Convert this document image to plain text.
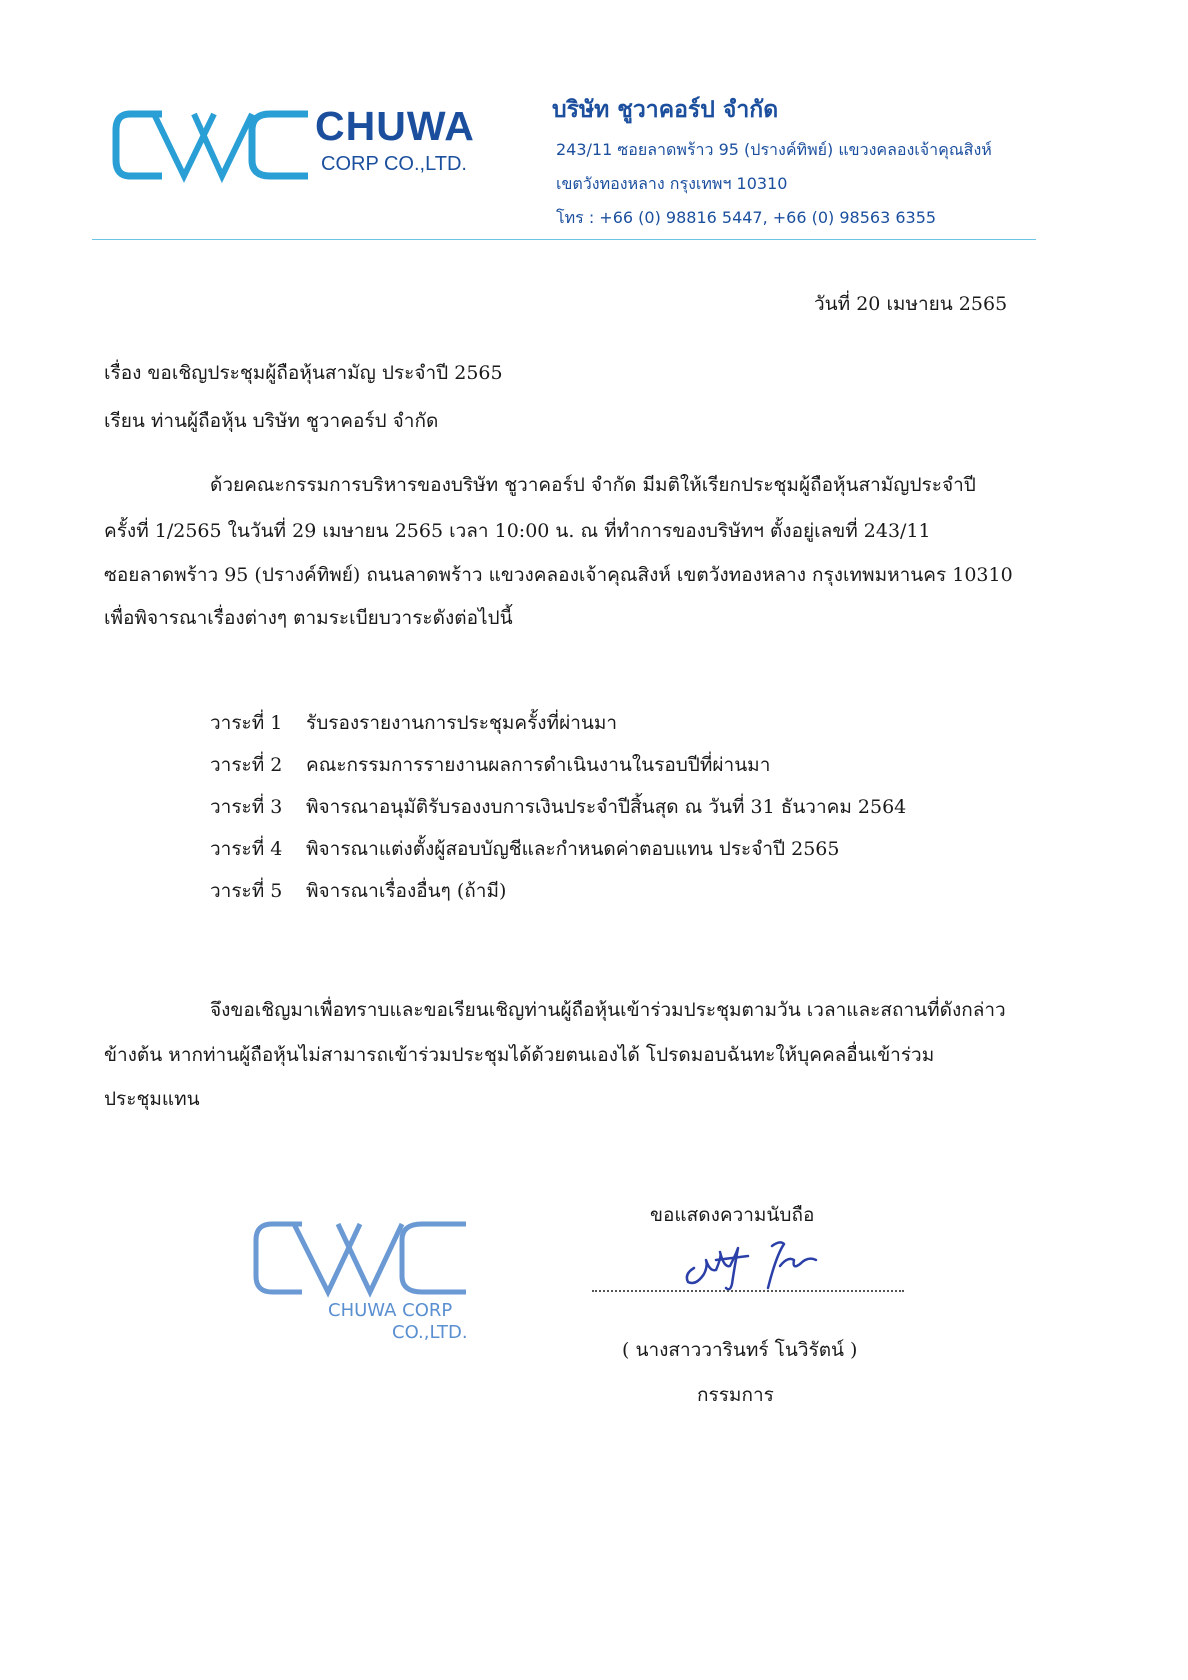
CHUWA
CORP CO.,LTD.
บริษัท ชูวาคอร์ป จำกัด
243/11 ซอยลาดพร้าว 95 (ปรางค์ทิพย์) แขวงคลองเจ้าคุณสิงห์
เขตวังทองหลาง กรุงเทพฯ 10310
โทร : +66 (0) 98816 5447, +66 (0) 98563 6355
วันที่ 20 เมษายน 2565
เรื่อง ขอเชิญประชุมผู้ถือหุ้นสามัญ ประจำปี 2565
เรียน ท่านผู้ถือหุ้น บริษัท ชูวาคอร์ป จำกัด
ด้วยคณะกรรมการบริหารของบริษัท ชูวาคอร์ป จำกัด มีมติให้เรียกประชุมผู้ถือหุ้นสามัญประจำปี
ครั้งที่ 1/2565 ในวันที่ 29 เมษายน 2565 เวลา 10:00 น. ณ ที่ทำการของบริษัทฯ ตั้งอยู่เลขที่ 243/11
ซอยลาดพร้าว 95 (ปรางค์ทิพย์) ถนนลาดพร้าว แขวงคลองเจ้าคุณสิงห์ เขตวังทองหลาง กรุงเทพมหานคร 10310
เพื่อพิจารณาเรื่องต่างๆ ตามระเบียบวาระดังต่อไปนี้
วาระที่ 1 รับรองรายงานการประชุมครั้งที่ผ่านมา
วาระที่ 2 คณะกรรมการรายงานผลการดำเนินงานในรอบปีที่ผ่านมา
วาระที่ 3 พิจารณาอนุมัติรับรองงบการเงินประจำปีสิ้นสุด ณ วันที่ 31 ธันวาคม 2564
วาระที่ 4 พิจารณาแต่งตั้งผู้สอบบัญชีและกำหนดค่าตอบแทน ประจำปี 2565
วาระที่ 5 พิจารณาเรื่องอื่นๆ (ถ้ามี)
จึงขอเชิญมาเพื่อทราบและขอเรียนเชิญท่านผู้ถือหุ้นเข้าร่วมประชุมตามวัน เวลาและสถานที่ดังกล่าว
ข้างต้น หากท่านผู้ถือหุ้นไม่สามารถเข้าร่วมประชุมได้ด้วยตนเองได้ โปรดมอบฉันทะให้บุคคลอื่นเข้าร่วม
ประชุมแทน
CHUWA CORP
CO.,LTD.
ขอแสดงความนับถือ
( นางสาววารินทร์ โนวิรัตน์ )
กรรมการ
